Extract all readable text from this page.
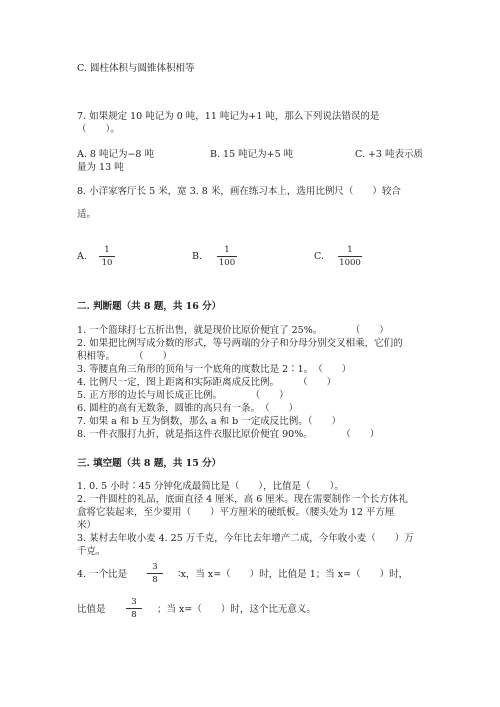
C. 圆柱体积与圆锥体积相等
7. 如果规定 10 吨记为 0 吨，11 吨记为+1 吨，那么下列说法错误的是
（　　）。
A. 8 吨记为−8 吨	B. 15 吨记为+5 吨	C. +3 吨表示质
量为 13 吨
8. 小洋家客厅长 5 米，宽 3. 8 米，画在练习本上，选用比例尺（　　）较合
适。
A.
1
10
B.
1
100
C.
1
1000
二. 判断题（共 8 题，共 16 分）
1. 一个篮球打七五折出售，就是现价比原价便宜了 25%。　　　　（　　）
2. 如果把比例写成分数的形式，等号两端的分子和分母分别交叉相乘，它们的
积相等。　　　（　　）
3. 等腰直角三角形的顶角与一个底角的度数比是 2∶1。　（　　）
4. 比例尺一定，图上距离和实际距离成反比例。　　　（　　）
5. 正方形的边长与周长成正比例。　　　　（　　）
6. 圆柱的高有无数条，圆锥的高只有一条。　（　　）
7. 如果 a 和 b 互为倒数，那么 a 和 b 一定成反比例。（　　）
8. 一件衣服打九折，就是指这件衣服比原价便宜 90%。　　　　（　　）
三. 填空题（共 8 题，共 15 分）
1. 0. 5 小时∶45 分钟化成最简比是（　　），比值是（　　）。
2. 一件圆柱的礼品，底面直径 4 厘米，高 6 厘米。现在需要制作一个长方体礼
盒将它装起来，至少要用（　　）平方厘米的硬纸板。（腰头处为 12 平方厘
米）
3. 某村去年收小麦 4. 25 万千克，今年比去年增产二成，今年收小麦（　　）万
千克。
4. 一个比是
3
8	∶x，当 x=（　　）时，比值是 1；当 x=（　　）时，
比值是
3
8	；当 x=（　　）时，这个比无意义。
